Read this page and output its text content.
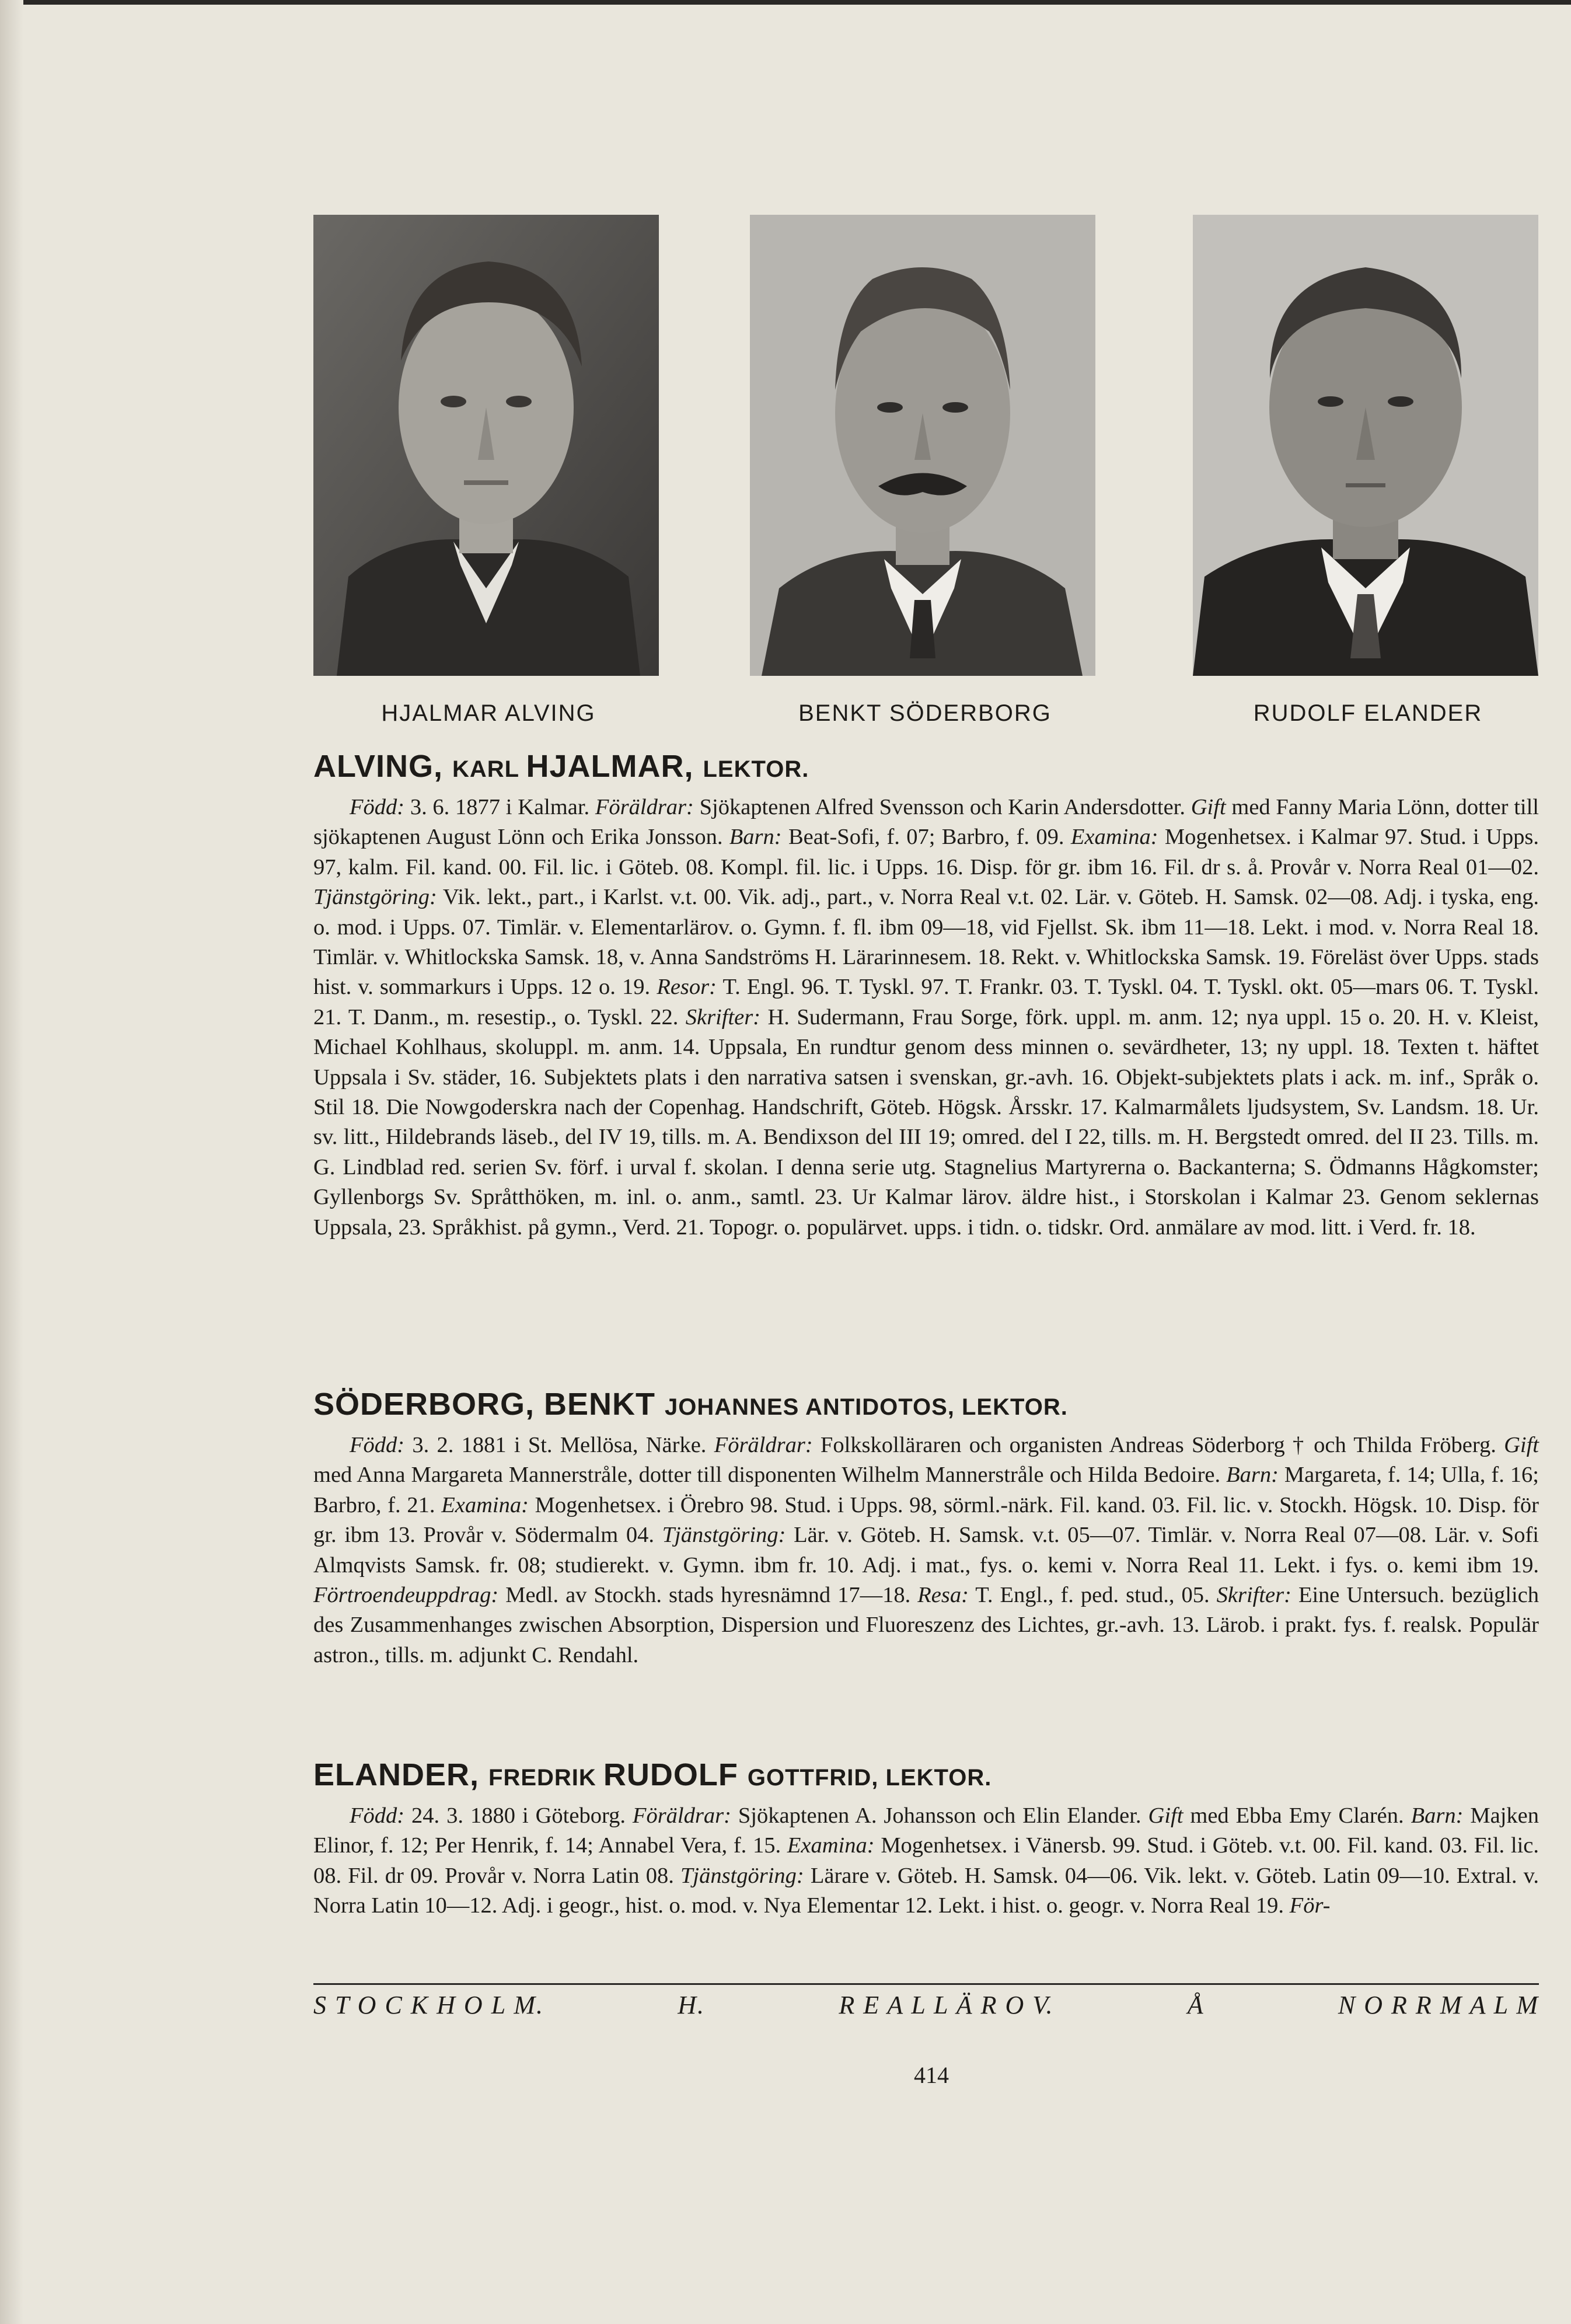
HJALMAR ALVING	BENKT SÖDERBORG	RUDOLF ELANDER
ALVING, KARL HJALMAR, LEKTOR.

Född: 3. 6. 1877 i Kalmar. Föräldrar: Sjökaptenen Alfred Svensson och Karin Andersdotter. Gift med Fanny Maria Lönn, dotter till sjökaptenen August Lönn och Erika Jonsson. Barn: Beat-Sofi, f. 07; Barbro, f. 09. Examina: Mogenhetsex. i Kalmar 97. Stud. i Upps. 97, kalm. Fil. kand. 00. Fil. lic. i Göteb. 08. Kompl. fil. lic. i Upps. 16. Disp. för gr. ibm 16. Fil. dr s. å. Provår v. Norra Real 01—02. Tjänstgöring: Vik. lekt., part., i Karlst. v.t. 00. Vik. adj., part., v. Norra Real v.t. 02. Lär. v. Göteb. H. Samsk. 02—08. Adj. i tyska, eng. o. mod. i Upps. 07. Timlär. v. Elementarlärov. o. Gymn. f. fl. ibm 09—18, vid Fjellst. Sk. ibm 11—18. Lekt. i mod. v. Norra Real 18. Timlär. v. Whitlockska Samsk. 18, v. Anna Sandströms H. Lärarinnesem. 18. Rekt. v. Whitlockska Samsk. 19. Föreläst över Upps. stads hist. v. sommarkurs i Upps. 12 o. 19. Resor: T. Engl. 96. T. Tyskl. 97. T. Frankr. 03. T. Tyskl. 04. T. Tyskl. okt. 05—mars 06. T. Tyskl. 21. T. Danm., m. resestip., o. Tyskl. 22. Skrifter: H. Sudermann, Frau Sorge, förk. uppl. m. anm. 12; nya uppl. 15 o. 20. H. v. Kleist, Michael Kohlhaus, skoluppl. m. anm. 14. Uppsala, En rundtur genom dess minnen o. sevärdheter, 13; ny uppl. 18. Texten t. häftet Uppsala i Sv. städer, 16. Subjektets plats i den narrativa satsen i svenskan, gr.-avh. 16. Objekt-subjektets plats i ack. m. inf., Språk o. Stil 18. Die Nowgoderskra nach der Copenhag. Handschrift, Göteb. Högsk. Årsskr. 17. Kalmarmålets ljudsystem, Sv. Landsm. 18. Ur. sv. litt., Hildebrands läseb., del IV 19, tills. m. A. Bendixson del III 19; omred. del I 22, tills. m. H. Bergstedt omred. del II 23. Tills. m. G. Lindblad red. serien Sv. förf. i urval f. skolan. I denna serie utg. Stagnelius Martyrerna o. Backanterna; S. Ödmanns Hågkomster; Gyllenborgs Sv. Språtthöken, m. inl. o. anm., samtl. 23. Ur Kalmar lärov. äldre hist., i Storskolan i Kalmar 23. Genom seklernas Uppsala, 23. Språkhist. på gymn., Verd. 21. Topogr. o. populärvet. upps. i tidn. o. tidskr. Ord. anmälare av mod. litt. i Verd. fr. 18.

SÖDERBORG, BENKT JOHANNES ANTIDOTOS, LEKTOR.

Född: 3. 2. 1881 i St. Mellösa, Närke. Föräldrar: Folkskolläraren och organisten Andreas Söderborg † och Thilda Fröberg. Gift med Anna Margareta Mannerstråle, dotter till disponenten Wilhelm Mannerstråle och Hilda Bedoire. Barn: Margareta, f. 14; Ulla, f. 16; Barbro, f. 21. Examina: Mogenhetsex. i Örebro 98. Stud. i Upps. 98, sörml.-närk. Fil. kand. 03. Fil. lic. v. Stockh. Högsk. 10. Disp. för gr. ibm 13. Provår v. Södermalm 04. Tjänstgöring: Lär. v. Göteb. H. Samsk. v.t. 05—07. Timlär. v. Norra Real 07—08. Lär. v. Sofi Almqvists Samsk. fr. 08; studierekt. v. Gymn. ibm fr. 10. Adj. i mat., fys. o. kemi v. Norra Real 11. Lekt. i fys. o. kemi ibm 19. Förtroendeuppdrag: Medl. av Stockh. stads hyresnämnd 17—18. Resa: T. Engl., f. ped. stud., 05. Skrifter: Eine Untersuch. bezüglich des Zusammenhanges zwischen Absorption, Dispersion und Fluoreszenz des Lichtes, gr.-avh. 13. Lärob. i prakt. fys. f. realsk. Populär astron., tills. m. adjunkt C. Rendahl.

ELANDER, FREDRIK RUDOLF GOTTFRID, LEKTOR.

Född: 24. 3. 1880 i Göteborg. Föräldrar: Sjökaptenen A. Johansson och Elin Elander. Gift med Ebba Emy Clarén. Barn: Majken Elinor, f. 12; Per Henrik, f. 14; Annabel Vera, f. 15. Examina: Mogenhetsex. i Vänersb. 99. Stud. i Göteb. v.t. 00. Fil. kand. 03. Fil. lic. 08. Fil. dr 09. Provår v. Norra Latin 08. Tjänstgöring: Lärare v. Göteb. H. Samsk. 04—06. Vik. lekt. v. Göteb. Latin 09—10. Extral. v. Norra Latin 10—12. Adj. i geogr., hist. o. mod. v. Nya Elementar 12. Lekt. i hist. o. geogr. v. Norra Real 19. För-

S T O C K H O L M.	H.	R E A L L Ä R O V.	Å	N O R R M A L M
414
